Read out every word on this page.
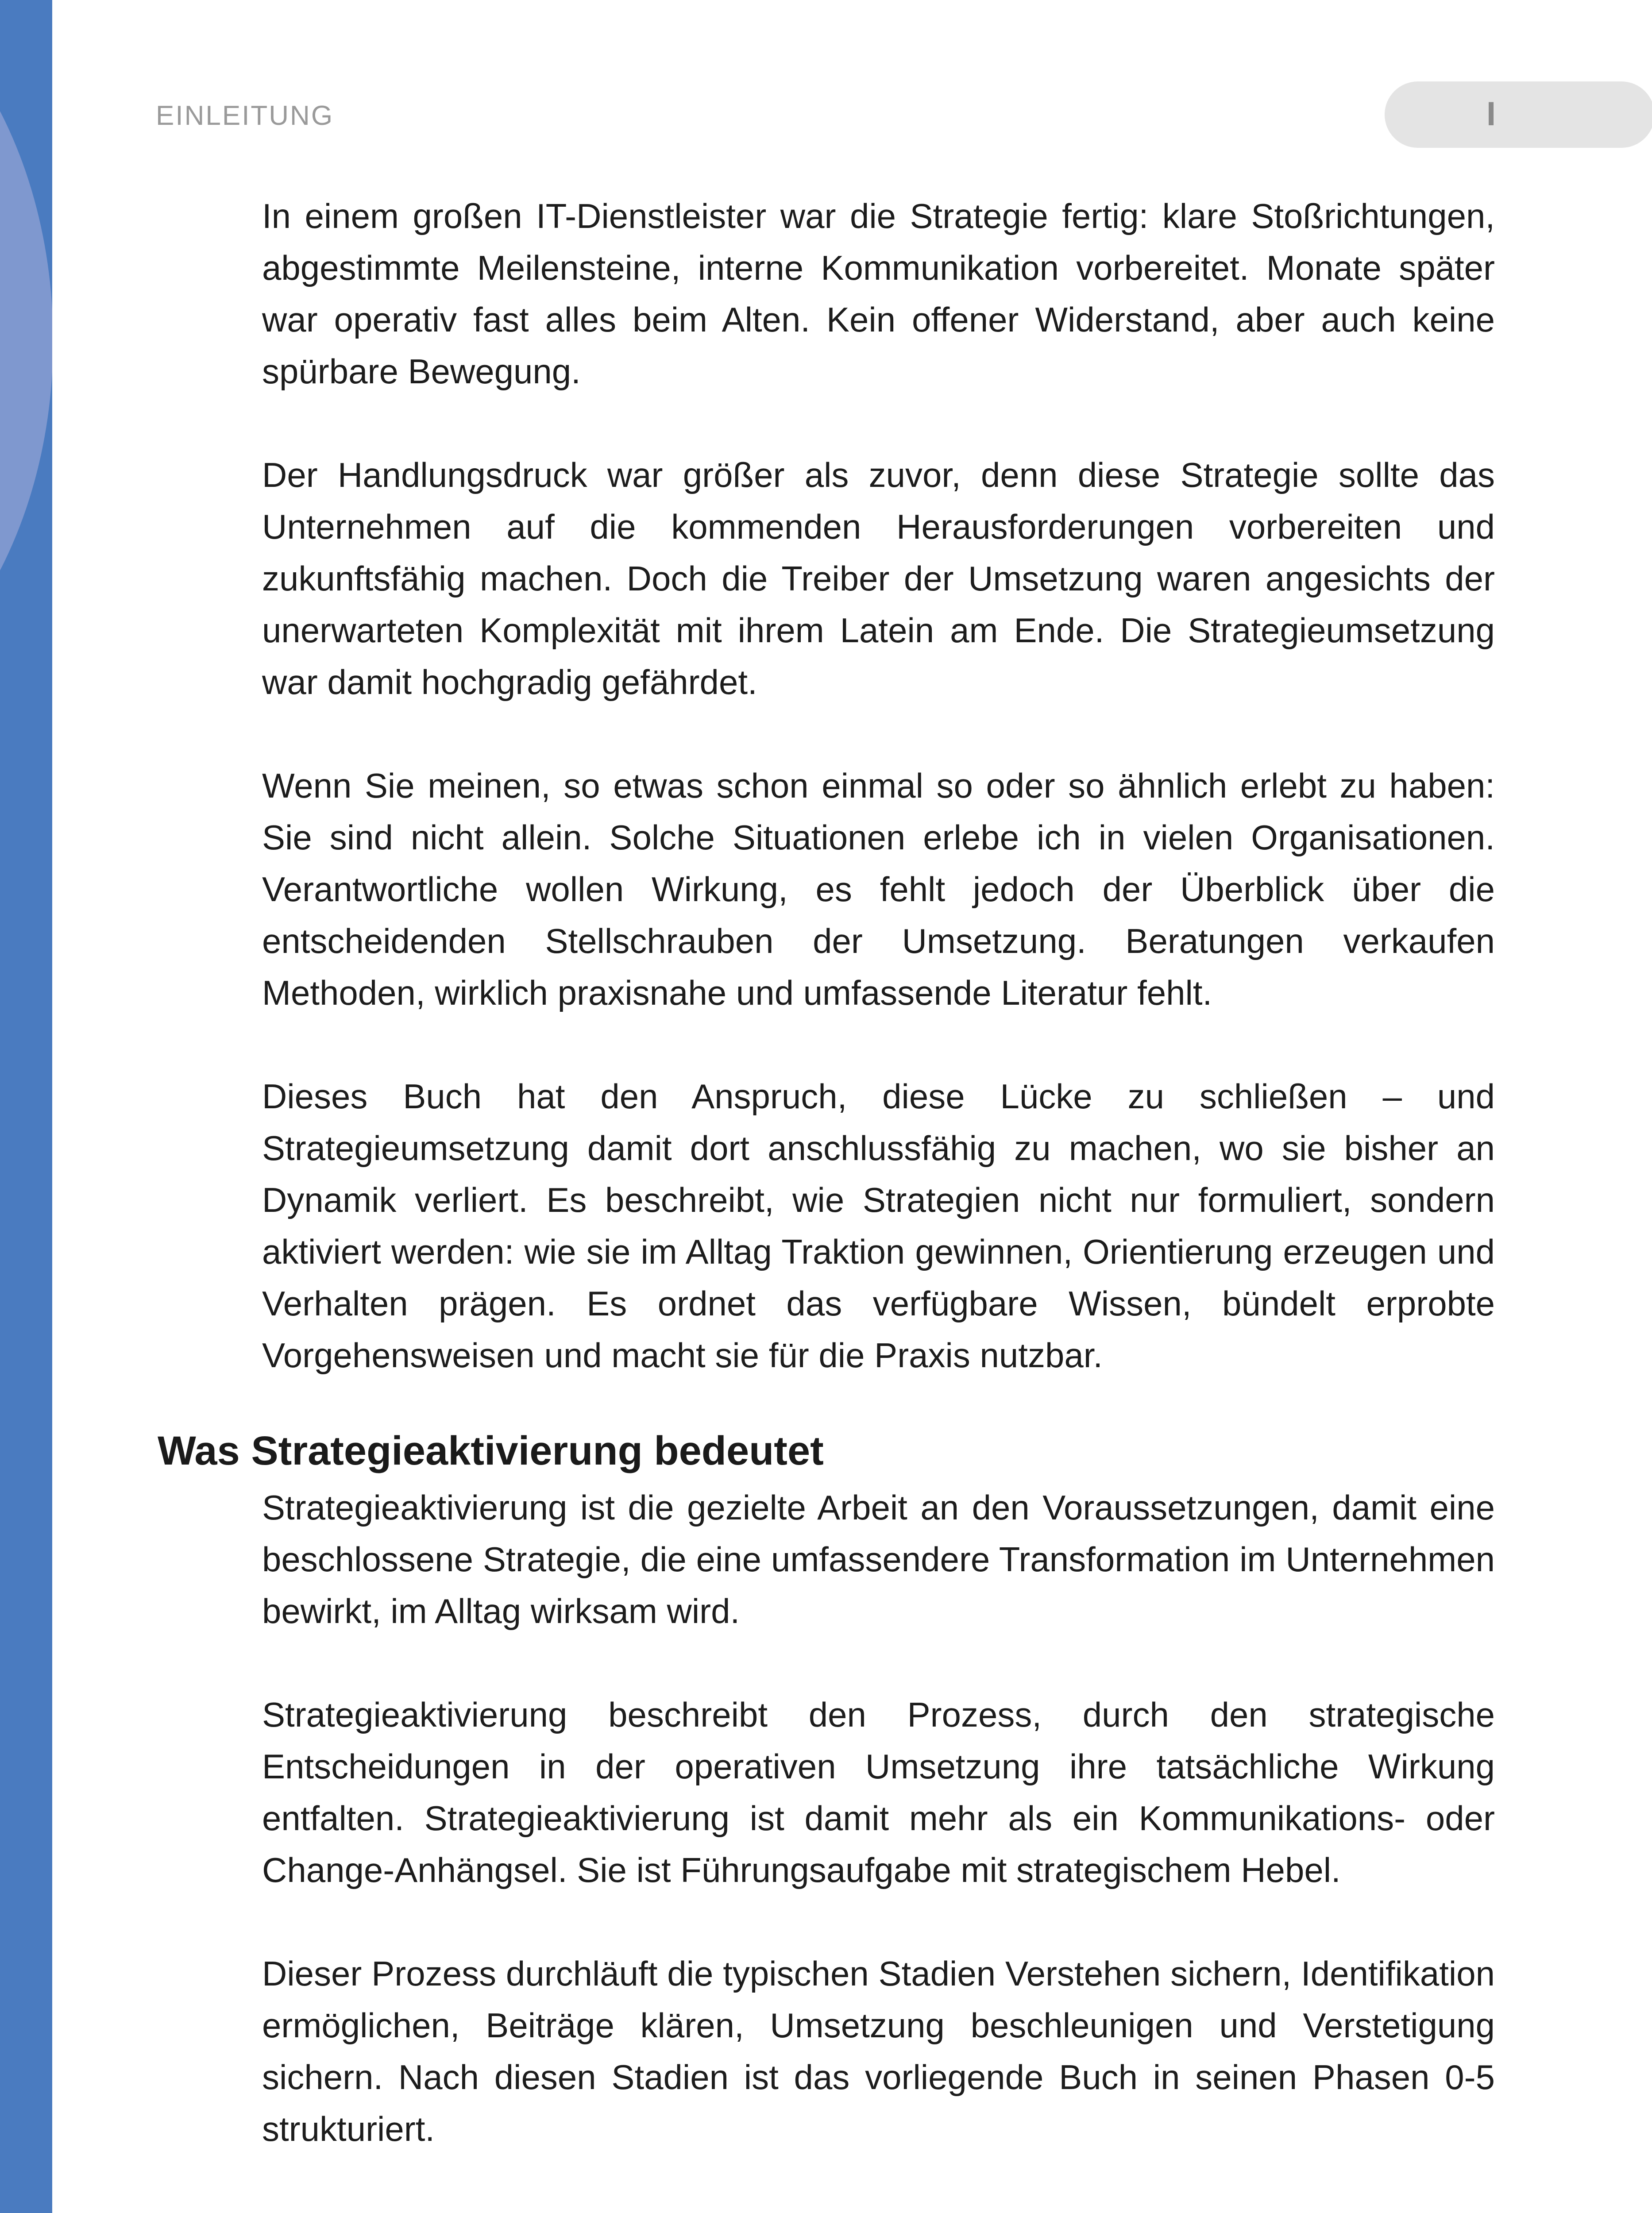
EINLEITUNG	I

In einem großen IT-Dienstleister war die Strategie fertig: klare Stoßrichtungen, abgestimmte Meilensteine, interne Kommunikation vorbereitet. Monate später war operativ fast alles beim Alten. Kein offener Widerstand, aber auch keine spürbare Bewegung.

Der Handlungsdruck war größer als zuvor, denn diese Strategie sollte das Unternehmen auf die kommenden Herausforderungen vorbereiten und zukunftsfähig machen. Doch die Treiber der Umsetzung waren angesichts der unerwarteten Komplexität mit ihrem Latein am Ende. Die Strategieumsetzung war damit hochgradig gefährdet.

Wenn Sie meinen, so etwas schon einmal so oder so ähnlich erlebt zu haben: Sie sind nicht allein. Solche Situationen erlebe ich in vielen Organisationen. Verantwortliche wollen Wirkung, es fehlt jedoch der Überblick über die entscheidenden Stellschrauben der Umsetzung. Beratungen verkaufen Methoden, wirklich praxisnahe und umfassende Literatur fehlt.

Dieses Buch hat den Anspruch, diese Lücke zu schließen – und Strategieumsetzung damit dort anschlussfähig zu machen, wo sie bisher an Dynamik verliert. Es beschreibt, wie Strategien nicht nur formuliert, sondern aktiviert werden: wie sie im Alltag Traktion gewinnen, Orientierung erzeugen und Verhalten prägen. Es ordnet das verfügbare Wissen, bündelt erprobte Vorgehensweisen und macht sie für die Praxis nutzbar.

Was Strategieaktivierung bedeutet

Strategieaktivierung ist die gezielte Arbeit an den Voraussetzungen, damit eine beschlossene Strategie, die eine umfassendere Transformation im Unternehmen bewirkt, im Alltag wirksam wird.

Strategieaktivierung beschreibt den Prozess, durch den strategische Entscheidungen in der operativen Umsetzung ihre tatsächliche Wirkung entfalten. Strategieaktivierung ist damit mehr als ein Kommunikations- oder Change-Anhängsel. Sie ist Führungsaufgabe mit strategischem Hebel.

Dieser Prozess durchläuft die typischen Stadien Verstehen sichern, Identifikation ermöglichen, Beiträge klären, Umsetzung beschleunigen und Verstetigung sichern. Nach diesen Stadien ist das vorliegende Buch in seinen Phasen 0-5 strukturiert.
